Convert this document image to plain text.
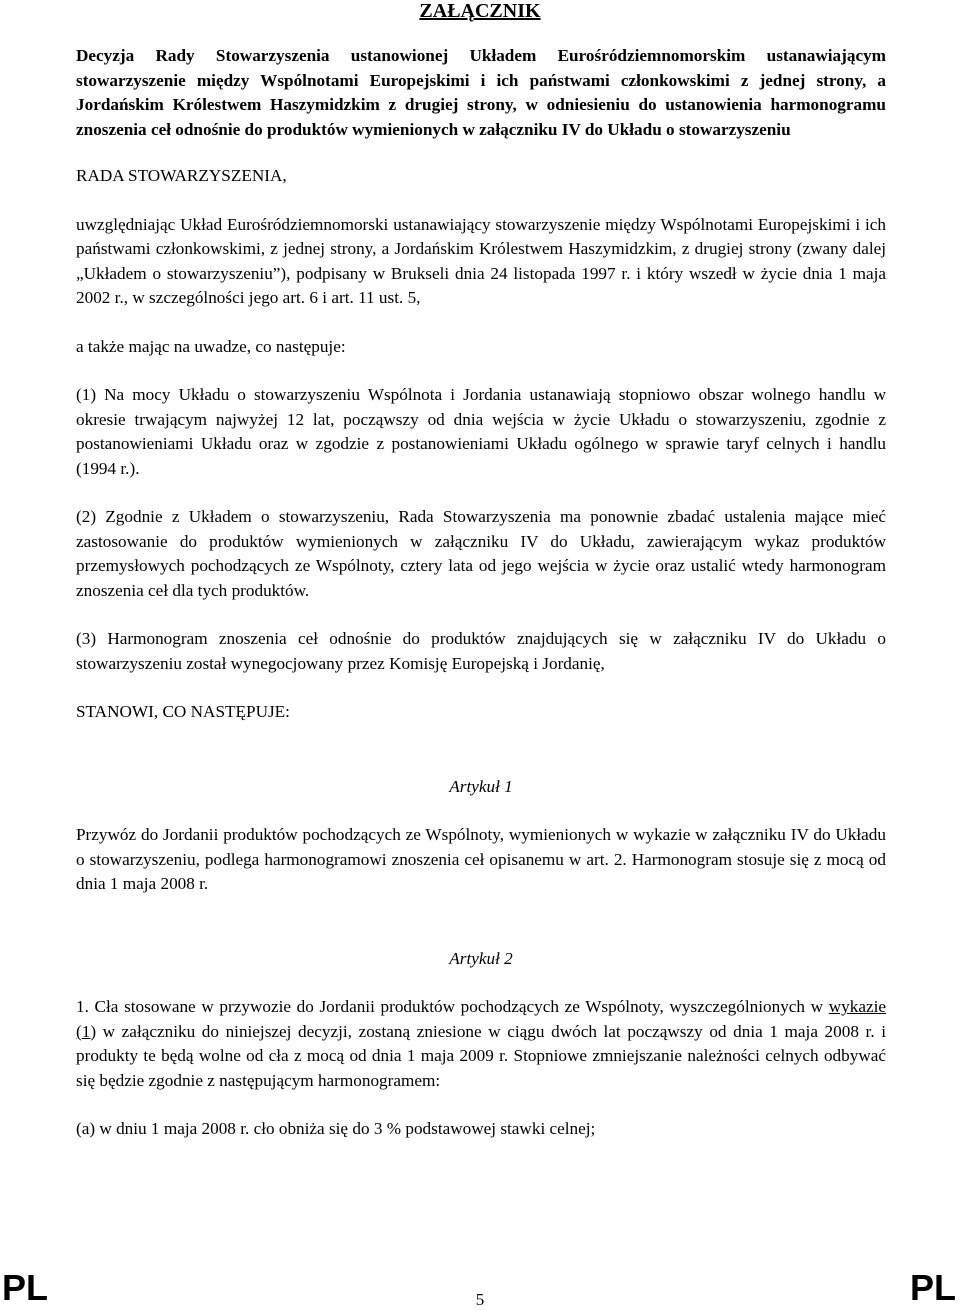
ZAŁĄCZNIK

Decyzja Rady Stowarzyszenia ustanowionej Układem Eurośródziemnomorskim ustanawiającym stowarzyszenie między Wspólnotami Europejskimi i ich państwami członkowskimi z jednej strony, a Jordańskim Królestwem Haszymidzkim z drugiej strony, w odniesieniu do ustanowienia harmonogramu znoszenia ceł odnośnie do produktów wymienionych w załączniku IV do Układu o stowarzyszeniu

RADA STOWARZYSZENIA,

uwzględniając Układ Eurośródziemnomorski ustanawiający stowarzyszenie między Wspólnotami Europejskimi i ich państwami członkowskimi, z jednej strony, a Jordańskim Królestwem Haszymidzkim, z drugiej strony (zwany dalej „Układem o stowarzyszeniu”), podpisany w Brukseli dnia 24 listopada 1997 r. i który wszedł w życie dnia 1 maja 2002 r., w szczególności jego art. 6 i art. 11 ust. 5,

a także mając na uwadze, co następuje:

(1) Na mocy Układu o stowarzyszeniu Wspólnota i Jordania ustanawiają stopniowo obszar wolnego handlu w okresie trwającym najwyżej 12 lat, począwszy od dnia wejścia w życie Układu o stowarzyszeniu, zgodnie z postanowieniami Układu oraz w zgodzie z postanowieniami Układu ogólnego w sprawie taryf celnych i handlu (1994 r.).

(2) Zgodnie z Układem o stowarzyszeniu, Rada Stowarzyszenia ma ponownie zbadać ustalenia mające mieć zastosowanie do produktów wymienionych w załączniku IV do Układu, zawierającym wykaz produktów przemysłowych pochodzących ze Wspólnoty, cztery lata od jego wejścia w życie oraz ustalić wtedy harmonogram znoszenia ceł dla tych produktów.

(3) Harmonogram znoszenia ceł odnośnie do produktów znajdujących się w załączniku IV do Układu o stowarzyszeniu został wynegocjowany przez Komisję Europejską i Jordanię,

STANOWI, CO NASTĘPUJE:

Artykuł 1

Przywóz do Jordanii produktów pochodzących ze Wspólnoty, wymienionych w wykazie w załączniku IV do Układu o stowarzyszeniu, podlega harmonogramowi znoszenia ceł opisanemu w art. 2. Harmonogram stosuje się z mocą od dnia 1 maja 2008 r.

Artykuł 2

1. Cła stosowane w przywozie do Jordanii produktów pochodzących ze Wspólnoty, wyszczególnionych w wykazie (1) w załączniku do niniejszej decyzji, zostaną zniesione w ciągu dwóch lat począwszy od dnia 1 maja 2008 r. i produkty te będą wolne od cła z mocą od dnia 1 maja 2009 r. Stopniowe zmniejszanie należności celnych odbywać się będzie zgodnie z następującym harmonogramem:

(a) w dniu 1 maja 2008 r. cło obniża się do 3 % podstawowej stawki celnej;

PL	5	PL
